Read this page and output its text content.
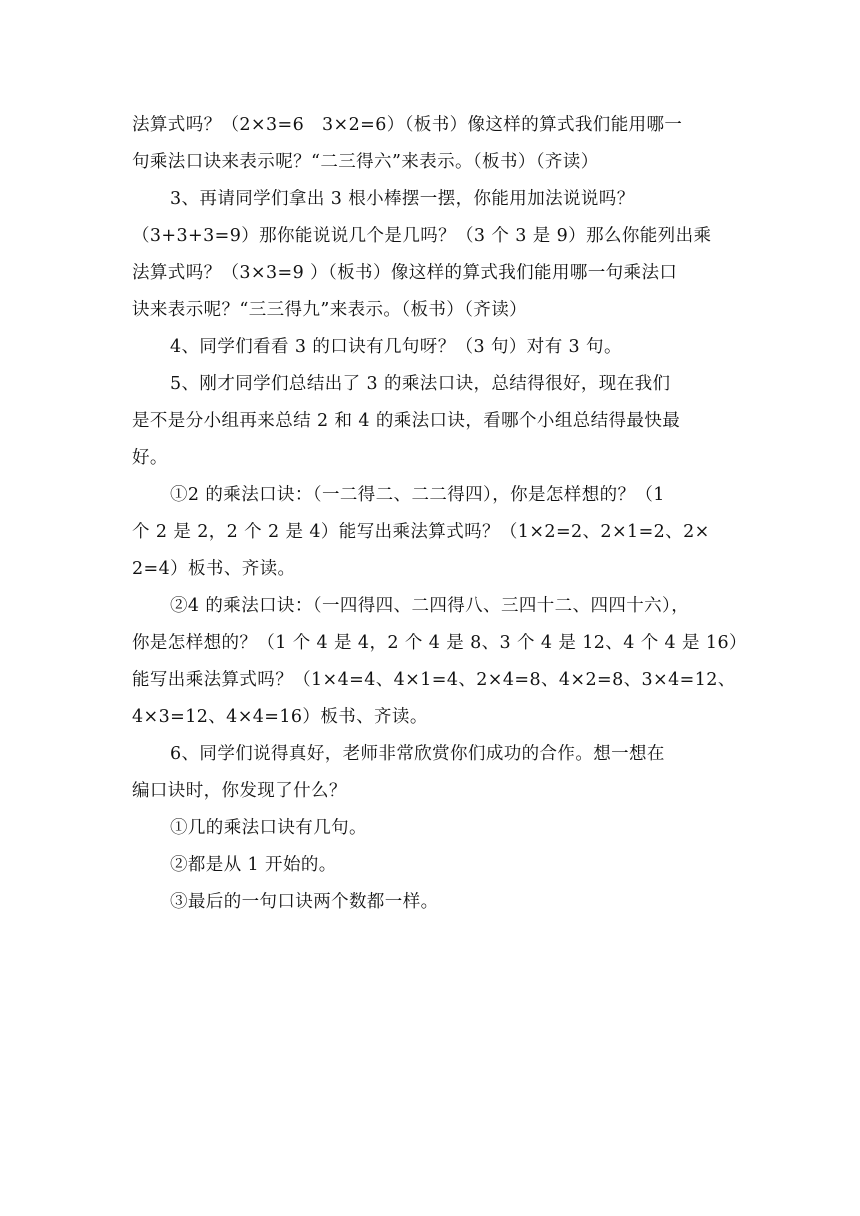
法算式吗？（2×3=6　3×2=6）（板书）像这样的算式我们能用哪一
句乘法口诀来表示呢？“二三得六”来表示。（板书）（齐读）

3、再请同学们拿出 3 根小棒摆一摆，你能用加法说说吗？
（3+3+3=9）那你能说说几个是几吗？（3 个 3 是 9）那么你能列出乘
法算式吗？（3×3=9 ）（板书）像这样的算式我们能用哪一句乘法口
诀来表示呢？“三三得九”来表示。（板书）（齐读）

4、同学们看看 3 的口诀有几句呀？（3 句）对有 3 句。

5、刚才同学们总结出了 3 的乘法口诀，总结得很好，现在我们
是不是分小组再来总结 2 和 4 的乘法口诀，看哪个小组总结得最快最
好。

①2 的乘法口诀：（一二得二、二二得四），你是怎样想的？（1
个 2 是 2，2 个 2 是 4）能写出乘法算式吗？（1×2=2、2×1=2、2×
2=4）板书、齐读。

②4 的乘法口诀：（一四得四、二四得八、三四十二、四四十六），
你是怎样想的？（1 个 4 是 4，2 个 4 是 8、3 个 4 是 12、4 个 4 是 16）
能写出乘法算式吗？（1×4=4、4×1=4、2×4=8、4×2=8、3×4=12、
4×3=12、4×4=16）板书、齐读。

6、同学们说得真好，老师非常欣赏你们成功的合作。想一想在
编口诀时，你发现了什么？

①几的乘法口诀有几句。

②都是从 1 开始的。

③最后的一句口诀两个数都一样。
